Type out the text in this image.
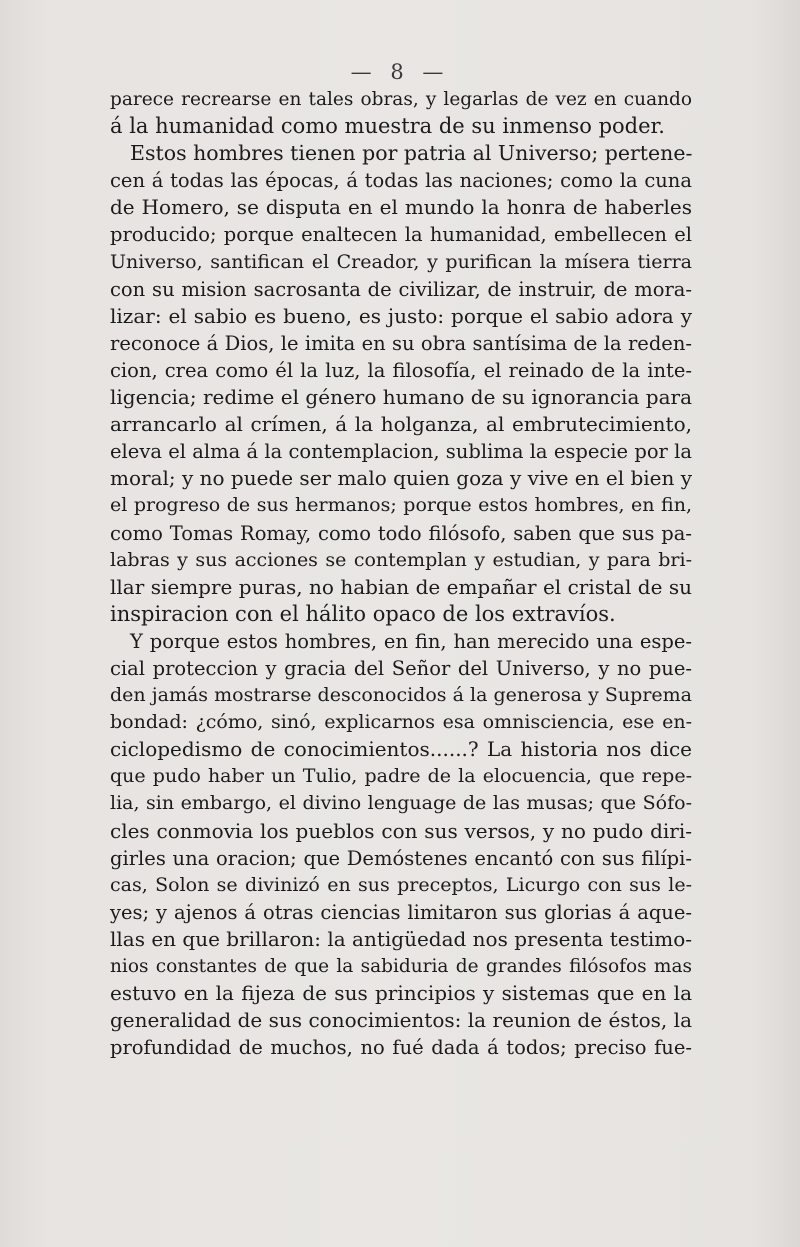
— 8 —
parece recrearse en tales obras, y legarlas de vez en cuando
á la humanidad como muestra de su inmenso poder.
Estos hombres tienen por patria al Universo; pertene-
cen á todas las épocas, á todas las naciones; como la cuna
de Homero, se disputa en el mundo la honra de haberles
producido; porque enaltecen la humanidad, embellecen el
Universo, santifican el Creador, y purifican la mísera tierra
con su mision sacrosanta de civilizar, de instruir, de mora-
lizar: el sabio es bueno, es justo: porque el sabio adora y
reconoce á Dios, le imita en su obra santísima de la reden-
cion, crea como él la luz, la filosofía, el reinado de la inte-
ligencia; redime el género humano de su ignorancia para
arrancarlo al crímen, á la holganza, al embrutecimiento,
eleva el alma á la contemplacion, sublima la especie por la
moral; y no puede ser malo quien goza y vive en el bien y
el progreso de sus hermanos; porque estos hombres, en fin,
como Tomas Romay, como todo filósofo, saben que sus pa-
labras y sus acciones se contemplan y estudian, y para bri-
llar siempre puras, no habian de empañar el cristal de su
inspiracion con el hálito opaco de los extravíos.
Y porque estos hombres, en fin, han merecido una espe-
cial proteccion y gracia del Señor del Universo, y no pue-
den jamás mostrarse desconocidos á la generosa y Suprema
bondad: ¿cómo, sinó, explicarnos esa omnisciencia, ese en-
ciclopedismo de conocimientos......? La historia nos dice
que pudo haber un Tulio, padre de la elocuencia, que repe-
lia, sin embargo, el divino lenguage de las musas; que Sófo-
cles conmovia los pueblos con sus versos, y no pudo diri-
girles una oracion; que Demóstenes encantó con sus filípi-
cas, Solon se divinizó en sus preceptos, Licurgo con sus le-
yes; y ajenos á otras ciencias limitaron sus glorias á aque-
llas en que brillaron: la antigüedad nos presenta testimo-
nios constantes de que la sabiduria de grandes filósofos mas
estuvo en la fijeza de sus principios y sistemas que en la
generalidad de sus conocimientos: la reunion de éstos, la
profundidad de muchos, no fué dada á todos; preciso fue-
